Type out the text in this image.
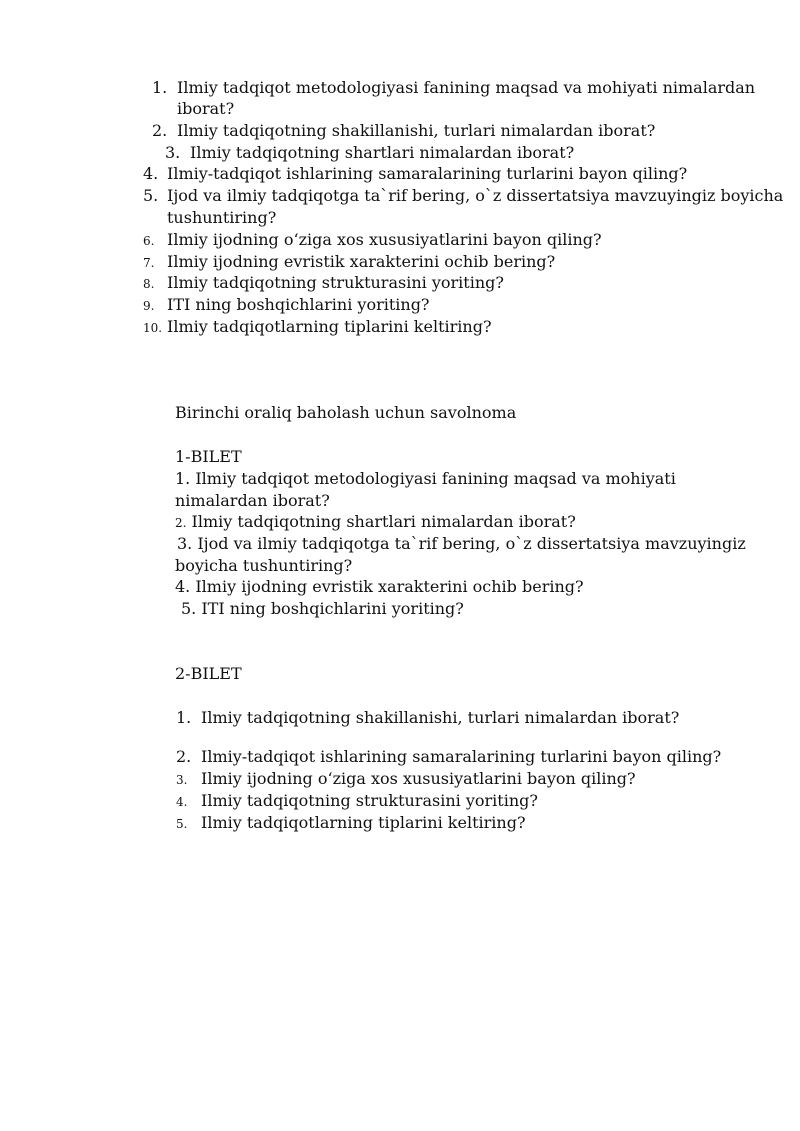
1. Ilmiy tadqiqot metodologiyasi fanining maqsad va mohiyati nimalardan
iborat?
2. Ilmiy tadqiqotning shakillanishi, turlari nimalardan iborat?
3. Ilmiy tadqiqotning shartlari nimalardan iborat?
4. Ilmiy-tadqiqot ishlarining samaralarining turlarini bayon qiling?
5. Ijod va ilmiy tadqiqotga ta`rif bering, o`z dissertatsiya mavzuyingiz boyicha
tushuntiring?
6. Ilmiy ijodning o‘ziga xos xususiyatlarini bayon qiling?
7. Ilmiy ijodning evristik xarakterini ochib bering?
8. Ilmiy tadqiqotning strukturasini yoriting?
9. ITI ning boshqichlarini yoriting?
10. Ilmiy tadqiqotlarning tiplarini keltiring?
Birinchi oraliq baholash uchun savolnoma
1-BILET
1. Ilmiy tadqiqot metodologiyasi fanining maqsad va mohiyati
nimalardan iborat?
2. Ilmiy tadqiqotning shartlari nimalardan iborat?
3. Ijod va ilmiy tadqiqotga ta`rif bering, o`z dissertatsiya mavzuyingiz
boyicha tushuntiring?
4. Ilmiy ijodning evristik xarakterini ochib bering?
5. ITI ning boshqichlarini yoriting?
2-BILET
1. Ilmiy tadqiqotning shakillanishi, turlari nimalardan iborat?
2. Ilmiy-tadqiqot ishlarining samaralarining turlarini bayon qiling?
3. Ilmiy ijodning o‘ziga xos xususiyatlarini bayon qiling?
4. Ilmiy tadqiqotning strukturasini yoriting?
5. Ilmiy tadqiqotlarning tiplarini keltiring?
